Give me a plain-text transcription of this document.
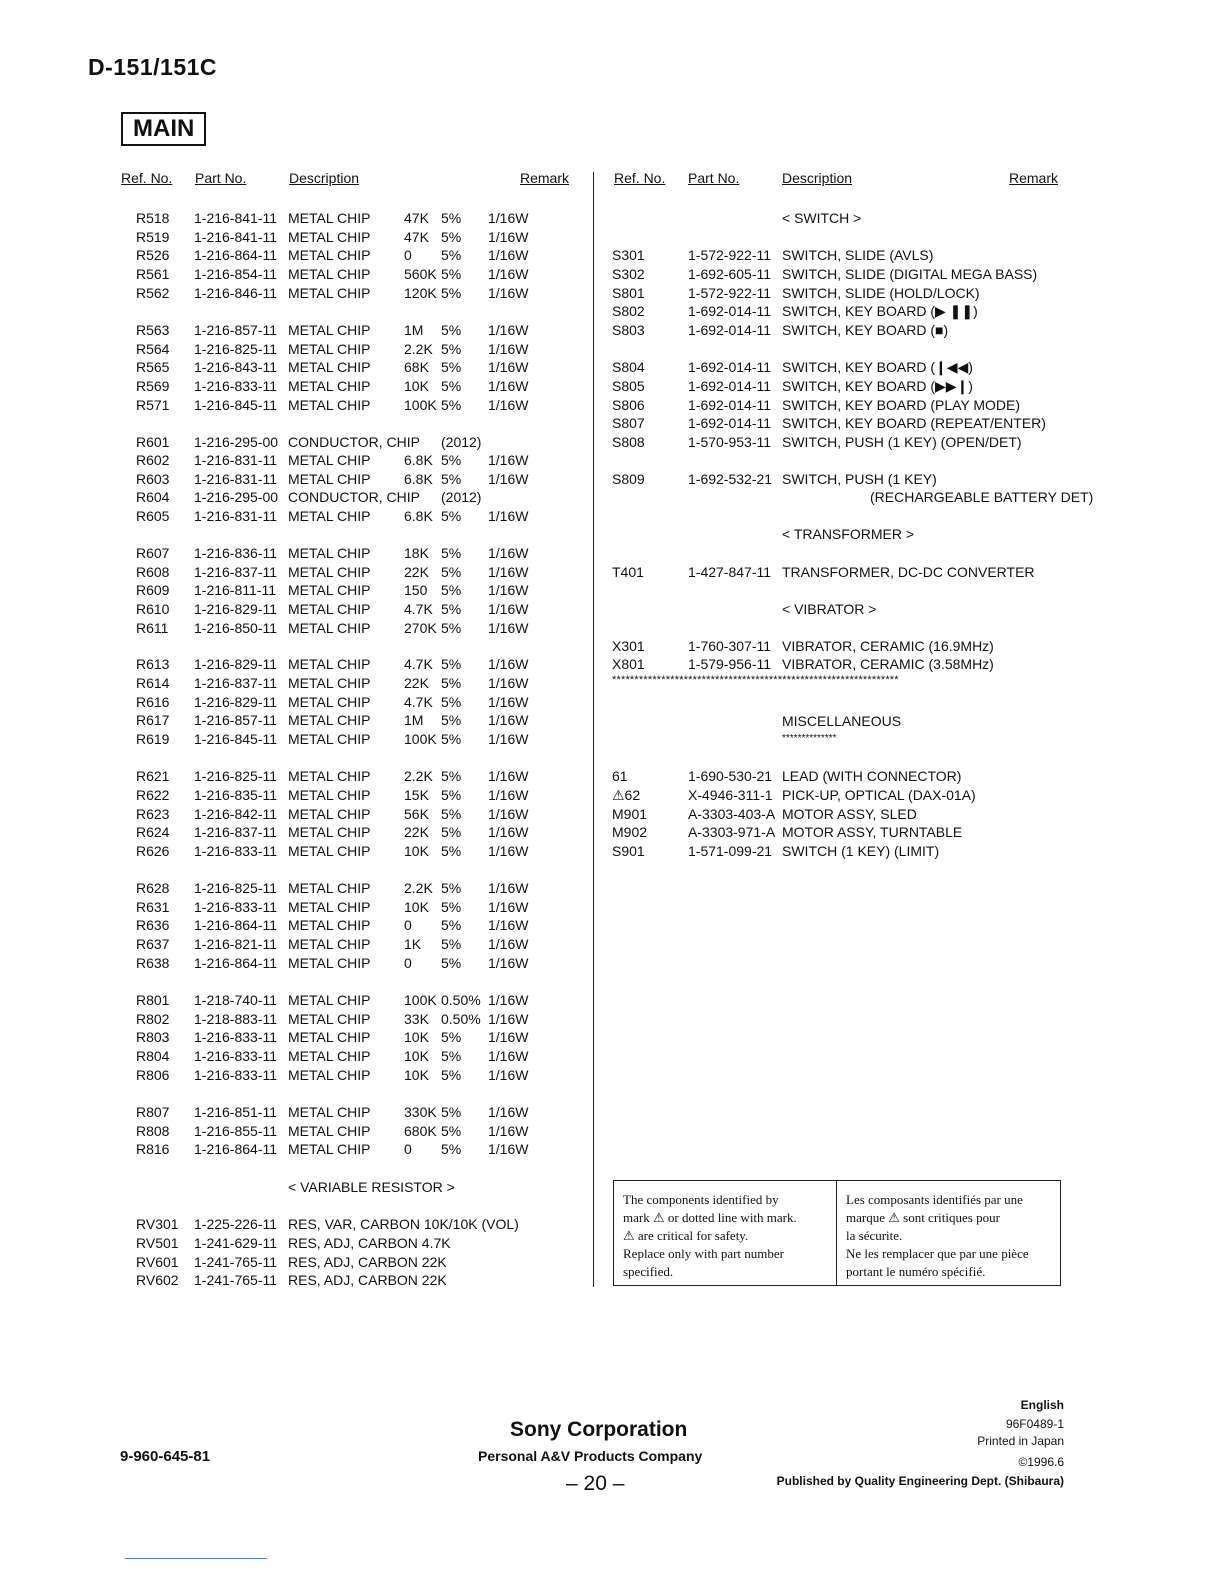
D-151/151C
MAIN
Ref. No. Part No.	Description	Remark	Ref. No. Part No.	Description	Remark
R518 1-216-841-11 METAL CHIP 47K 5% 1/16W
R519 1-216-841-11 METAL CHIP 47K 5% 1/16W
R526 1-216-864-11 METAL CHIP 0 5% 1/16W
R561 1-216-854-11 METAL CHIP 560K 5% 1/16W
R562 1-216-846-11 METAL CHIP 120K 5% 1/16W
R563 1-216-857-11 METAL CHIP 1M 5% 1/16W
R564 1-216-825-11 METAL CHIP 2.2K 5% 1/16W
R565 1-216-843-11 METAL CHIP 68K 5% 1/16W
R569 1-216-833-11 METAL CHIP 10K 5% 1/16W
R571 1-216-845-11 METAL CHIP 100K 5% 1/16W
R601 1-216-295-00 CONDUCTOR, CHIP (2012)
R602 1-216-831-11 METAL CHIP 6.8K 5% 1/16W
R603 1-216-831-11 METAL CHIP 6.8K 5% 1/16W
R604 1-216-295-00 CONDUCTOR, CHIP (2012)
R605 1-216-831-11 METAL CHIP 6.8K 5% 1/16W
R607 1-216-836-11 METAL CHIP 18K 5% 1/16W
R608 1-216-837-11 METAL CHIP 22K 5% 1/16W
R609 1-216-811-11 METAL CHIP 150 5% 1/16W
R610 1-216-829-11 METAL CHIP 4.7K 5% 1/16W
R611 1-216-850-11 METAL CHIP 270K 5% 1/16W
R613 1-216-829-11 METAL CHIP 4.7K 5% 1/16W
R614 1-216-837-11 METAL CHIP 22K 5% 1/16W
R616 1-216-829-11 METAL CHIP 4.7K 5% 1/16W
R617 1-216-857-11 METAL CHIP 1M 5% 1/16W
R619 1-216-845-11 METAL CHIP 100K 5% 1/16W
R621 1-216-825-11 METAL CHIP 2.2K 5% 1/16W
R622 1-216-835-11 METAL CHIP 15K 5% 1/16W
R623 1-216-842-11 METAL CHIP 56K 5% 1/16W
R624 1-216-837-11 METAL CHIP 22K 5% 1/16W
R626 1-216-833-11 METAL CHIP 10K 5% 1/16W
R628 1-216-825-11 METAL CHIP 2.2K 5% 1/16W
R631 1-216-833-11 METAL CHIP 10K 5% 1/16W
R636 1-216-864-11 METAL CHIP 0 5% 1/16W
R637 1-216-821-11 METAL CHIP 1K 5% 1/16W
R638 1-216-864-11 METAL CHIP 0 5% 1/16W
R801 1-218-740-11 METAL CHIP 100K 0.50% 1/16W
R802 1-218-883-11 METAL CHIP 33K 0.50% 1/16W
R803 1-216-833-11 METAL CHIP 10K 5% 1/16W
R804 1-216-833-11 METAL CHIP 10K 5% 1/16W
R806 1-216-833-11 METAL CHIP 10K 5% 1/16W
R807 1-216-851-11 METAL CHIP 330K 5% 1/16W
R808 1-216-855-11 METAL CHIP 680K 5% 1/16W
R816 1-216-864-11 METAL CHIP 0 5% 1/16W
< VARIABLE RESISTOR >
RV301 1-225-226-11 RES, VAR, CARBON 10K/10K (VOL)
RV501 1-241-629-11 RES, ADJ, CARBON 4.7K
RV601 1-241-765-11 RES, ADJ, CARBON 22K
RV602 1-241-765-11 RES, ADJ, CARBON 22K
< SWITCH >
S301	1-572-922-11 SWITCH, SLIDE (AVLS)
S302	1-692-605-11 SWITCH, SLIDE (DIGITAL MEGA BASS)
S801	1-572-922-11 SWITCH, SLIDE (HOLD/LOCK)
S802	1-692-014-11 SWITCH, KEY BOARD (▶ ❚❚)
S803	1-692-014-11 SWITCH, KEY BOARD (■)
S804	1-692-014-11 SWITCH, KEY BOARD (❙◀◀)
S805	1-692-014-11 SWITCH, KEY BOARD (▶▶❙)
S806	1-692-014-11 SWITCH, KEY BOARD (PLAY MODE)
S807	1-692-014-11 SWITCH, KEY BOARD (REPEAT/ENTER)
S808	1-570-953-11 SWITCH, PUSH (1 KEY) (OPEN/DET)
S809	1-692-532-21 SWITCH, PUSH (1 KEY)
(RECHARGEABLE BATTERY DET)
< TRANSFORMER >
T401	1-427-847-11 TRANSFORMER, DC-DC CONVERTER
< VIBRATOR >
X301	1-760-307-11 VIBRATOR, CERAMIC (16.9MHz)
X801	1-579-956-11 VIBRATOR, CERAMIC (3.58MHz)
****************************************************************
MISCELLANEOUS
**************
61	1-690-530-21 LEAD (WITH CONNECTOR)
⚠62	X-4946-311-1 PICK-UP, OPTICAL (DAX-01A)
M901	A-3303-403-A MOTOR ASSY, SLED
M902	A-3303-971-A MOTOR ASSY, TURNTABLE
S901	1-571-099-21 SWITCH (1 KEY) (LIMIT)
The components identified by
mark ⚠ or dotted line with mark.
⚠ are critical for safety.
Replace only with part number
specified.
Les composants identifiés par une
marque ⚠ sont critiques pour
la sécurite.
Ne les remplacer que par une pièce
portant le numéro spécifié.
9-960-645-81
Sony Corporation
Personal A&V Products Company
– 20 –
English
96F0489-1
Printed in Japan
©1996.6
Published by Quality Engineering Dept. (Shibaura)
